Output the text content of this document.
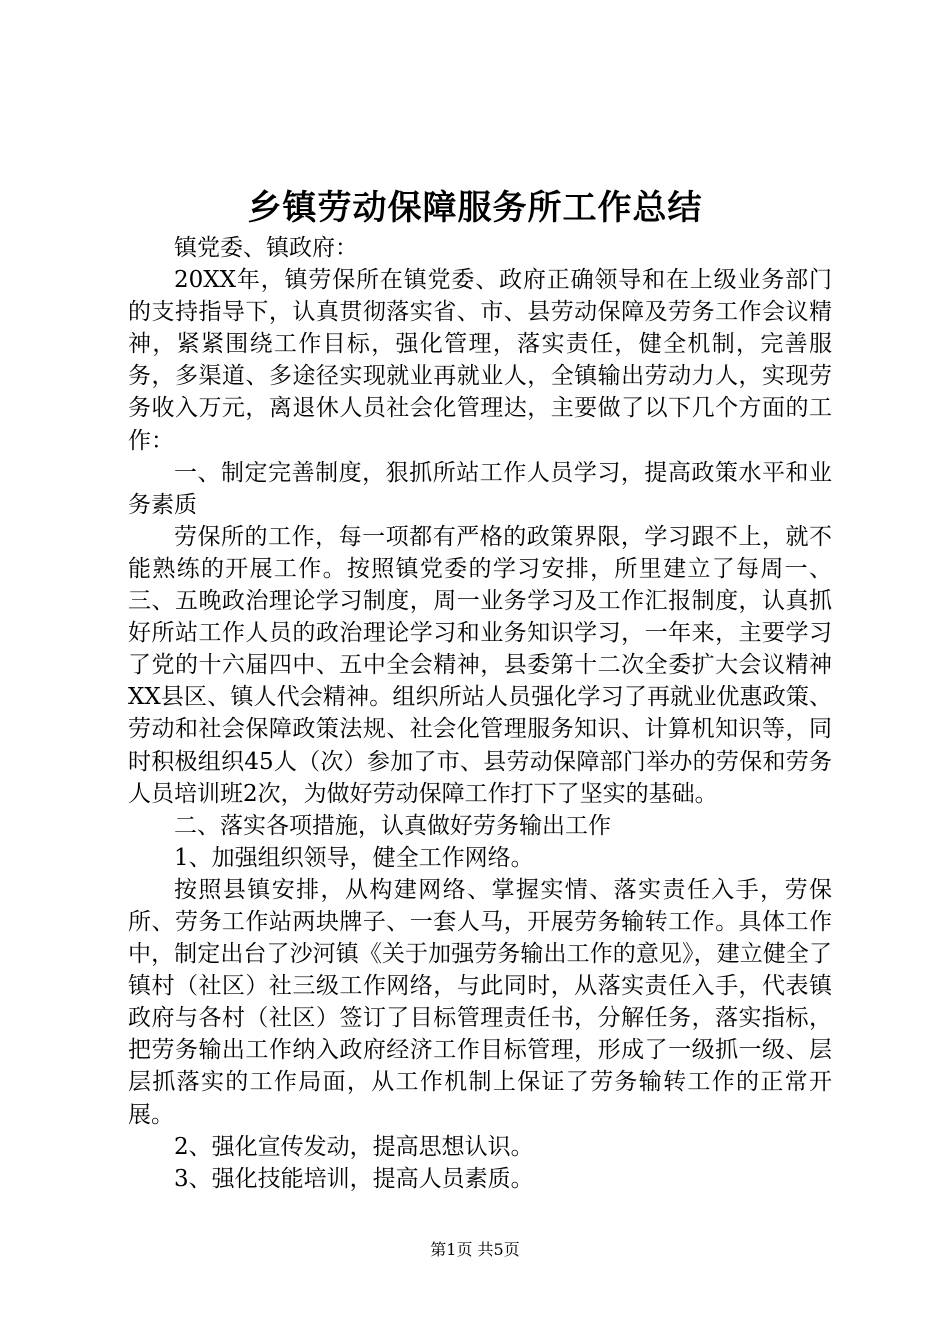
乡镇劳动保障服务所工作总结

镇党委、镇政府：

20XX年，镇劳保所在镇党委、政府正确领导和在上级业务部门的支持指导下，认真贯彻落实省、市、县劳动保障及劳务工作会议精神，紧紧围绕工作目标，强化管理，落实责任，健全机制，完善服务，多渠道、多途径实现就业再就业人，全镇输出劳动力人，实现劳务收入万元，离退休人员社会化管理达，主要做了以下几个方面的工作：

一、制定完善制度，狠抓所站工作人员学习，提高政策水平和业务素质

劳保所的工作，每一项都有严格的政策界限，学习跟不上，就不能熟练的开展工作。按照镇党委的学习安排，所里建立了每周一、三、五晚政治理论学习制度，周一业务学习及工作汇报制度，认真抓好所站工作人员的政治理论学习和业务知识学习，一年来，主要学习了党的十六届四中、五中全会精神，县委第十二次全委扩大会议精神XX县区、镇人代会精神。组织所站人员强化学习了再就业优惠政策、劳动和社会保障政策法规、社会化管理服务知识、计算机知识等，同时积极组织45人（次）参加了市、县劳动保障部门举办的劳保和劳务人员培训班2次，为做好劳动保障工作打下了坚实的基础。

二、落实各项措施，认真做好劳务输出工作

1、加强组织领导，健全工作网络。

按照县镇安排，从构建网络、掌握实情、落实责任入手，劳保所、劳务工作站两块牌子、一套人马，开展劳务输转工作。具体工作中，制定出台了沙河镇《关于加强劳务输出工作的意见》，建立健全了镇村（社区）社三级工作网络，与此同时，从落实责任入手，代表镇政府与各村（社区）签订了目标管理责任书，分解任务，落实指标，把劳务输出工作纳入政府经济工作目标管理，形成了一级抓一级、层层抓落实的工作局面，从工作机制上保证了劳务输转工作的正常开展。

2、强化宣传发动，提高思想认识。

3、强化技能培训，提高人员素质。

第1页 共5页
